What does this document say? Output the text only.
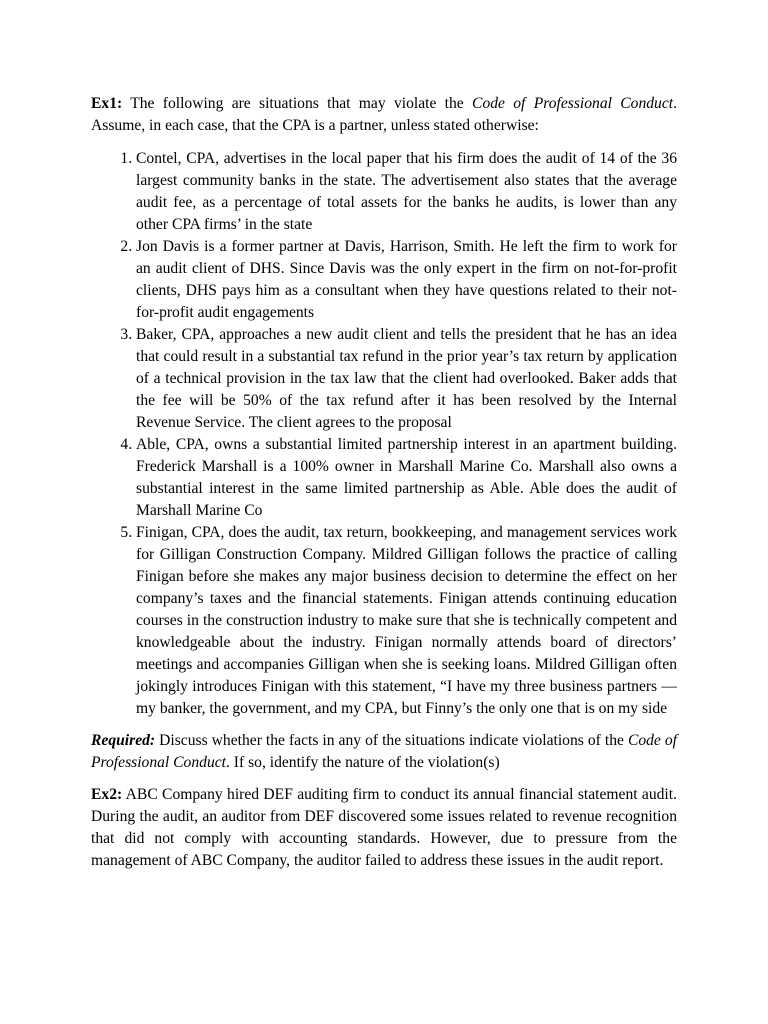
Ex1: The following are situations that may violate the Code of Professional Conduct. Assume, in each case, that the CPA is a partner, unless stated otherwise:

1. Contel, CPA, advertises in the local paper that his firm does the audit of 14 of the 36 largest community banks in the state. The advertisement also states that the average audit fee, as a percentage of total assets for the banks he audits, is lower than any other CPA firms’ in the state
2. Jon Davis is a former partner at Davis, Harrison, Smith. He left the firm to work for an audit client of DHS. Since Davis was the only expert in the firm on not-for-profit clients, DHS pays him as a consultant when they have questions related to their not-for-profit audit engagements
3. Baker, CPA, approaches a new audit client and tells the president that he has an idea that could result in a substantial tax refund in the prior year’s tax return by application of a technical provision in the tax law that the client had overlooked. Baker adds that the fee will be 50% of the tax refund after it has been resolved by the Internal Revenue Service. The client agrees to the proposal
4. Able, CPA, owns a substantial limited partnership interest in an apartment building. Frederick Marshall is a 100% owner in Marshall Marine Co. Marshall also owns a substantial interest in the same limited partnership as Able. Able does the audit of Marshall Marine Co
5. Finigan, CPA, does the audit, tax return, bookkeeping, and management services work for Gilligan Construction Company. Mildred Gilligan follows the practice of calling Finigan before she makes any major business decision to determine the effect on her company’s taxes and the financial statements. Finigan attends continuing education courses in the construction industry to make sure that she is technically competent and knowledgeable about the industry. Finigan normally attends board of directors’ meetings and accompanies Gilligan when she is seeking loans. Mildred Gilligan often jokingly introduces Finigan with this statement, “I have my three business partners — my banker, the government, and my CPA, but Finny’s the only one that is on my side

Required: Discuss whether the facts in any of the situations indicate violations of the Code of Professional Conduct. If so, identify the nature of the violation(s)

Ex2: ABC Company hired DEF auditing firm to conduct its annual financial statement audit. During the audit, an auditor from DEF discovered some issues related to revenue recognition that did not comply with accounting standards. However, due to pressure from the management of ABC Company, the auditor failed to address these issues in the audit report.
